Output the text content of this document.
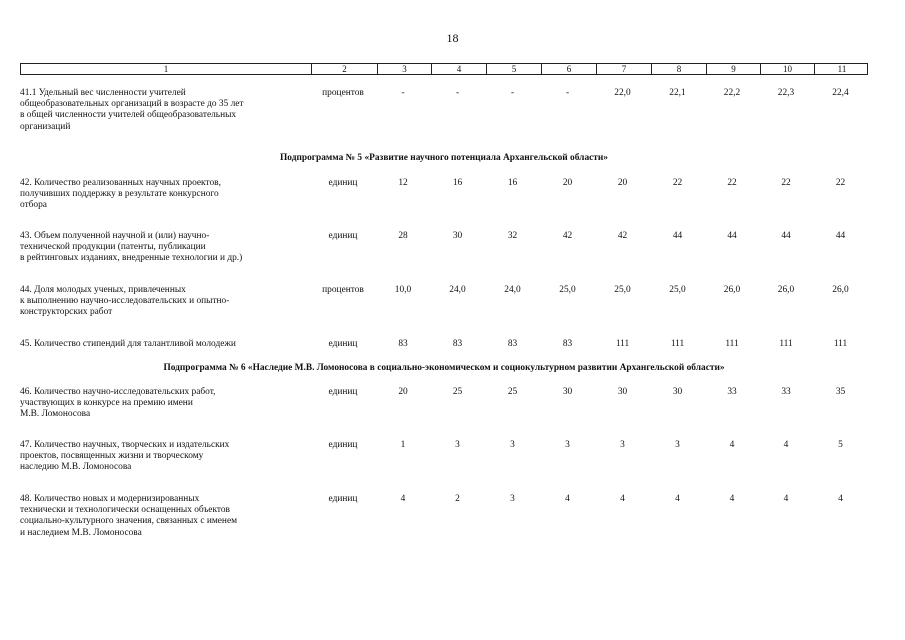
18
1	2	3	4	5	6	7	8	9	10	11
41.1 Удельный вес численности учителей
общеобразовательных организаций в возрасте до 35 лет
в общей численности учителей общеобразовательных
организаций
процентов	-	-	-	-	22,0	22,1	22,2	22,3	22,4
Подпрограмма № 5 «Развитие научного потенциала Архангельской области»
42. Количество реализованных научных проектов,
получивших поддержку в результате конкурсного
отбора
единиц	12	16	16	20	20	22	22	22	22
43. Объем полученной научной и (или) научно-
технической продукции (патенты, публикации
в рейтинговых изданиях, внедренные технологии и др.)
единиц	28	30	32	42	42	44	44	44	44
44. Доля молодых ученых, привлеченных
к выполнению научно-исследовательских и опытно-
конструкторских работ
процентов	10,0	24,0	24,0	25,0	25,0	25,0	26,0	26,0	26,0
45. Количество стипендий для талантливой молодежи	единиц	83	83	83	83	111	111	111	111	111
Подпрограмма № 6 «Наследие М.В. Ломоносова в социально-экономическом и социокультурном развитии Архангельской области»
46. Количество научно-исследовательских работ,
участвующих в конкурсе на премию имени
М.В. Ломоносова
единиц	20	25	25	30	30	30	33	33	35
47. Количество научных, творческих и издательских
проектов, посвященных жизни и творческому
наследию М.В. Ломоносова
единиц	1	3	3	3	3	3	4	4	5
48. Количество новых и модернизированных
технически и технологически оснащенных объектов
социально-культурного значения, связанных с именем
и наследием М.В. Ломоносова
единиц	4	2	3	4	4	4	4	4	4
